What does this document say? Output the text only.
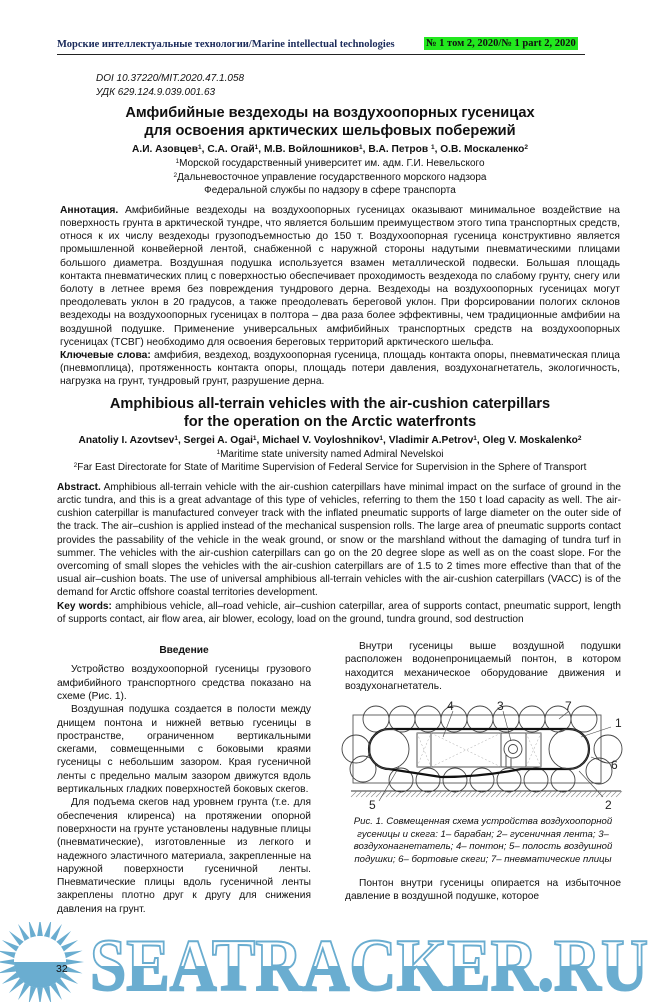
Морские интеллектуальные технологии/Marine intellectual technologies	№ 1 том 2, 2020/№ 1 part 2, 2020
DOI 10.37220/MIT.2020.47.1.058
УДК 629.124.9.039.001.63
Амфибийные вездеходы на воздухоопорных гусеницах
для освоения арктических шельфовых побережий
А.И. Азовцев$^1$, С.А. Огай$^1$, М.В. Войлошников$^1$, В.А. Петров $^1$, О.В. Москаленко$^2$
$^1$Морской государственный университет им. адм. Г.И. Невельского
$^2$Дальневосточное управление государственного морского надзора
Федеральной службы по надзору в сфере транспорта
Аннотация. Амфибийные вездеходы на воздухоопорных гусеницах оказывают минимальное воздействие на поверхность грунта в арктической тундре, что является большим преимуществом этого типа транспортных средств, относя к их числу вездеходы грузоподъемностью до 150 т. Воздухоопорная гусеница конструктивно является промышленной конвейерной лентой, снабженной с наружной стороны надутыми пневматическими плицами большого диаметра. Воздушная подушка используется взамен металлической подвески. Большая площадь контакта пневматических плиц с поверхностью обеспечивает проходимость вездехода по слабому грунту, снегу или болоту в летнее время без повреждения тундрового дерна. Вездеходы на воздухоопорных гусеницах могут преодолевать уклон в 20 градусов, а также преодолевать береговой уклон. При форсировании пологих склонов вездеходы на воздухоопорных гусеницах в полтора – два раза более эффективны, чем традиционные амфибии на воздушной подушке. Применение универсальных амфибийных транспортных средств на воздухоопорных гусеницах (ТСВГ) необходимо для освоения береговых территорий арктического шельфа.
Ключевые слова: амфибия, вездеход, воздухоопорная гусеница, площадь контакта опоры, пневматическая плица (пневмоплица), протяженность контакта опоры, площадь потери давления, воздухонагнетатель, экологичность, нагрузка на грунт, тундровый грунт, разрушение дерна.
Amphibious all-terrain vehicles with the air-cushion caterpillars
for the operation on the Arctic waterfronts
Anatoliy I. Azovtsev$^1$, Sergei A. Ogai$^1$, Michael V. Voyloshnikov$^1$, Vladimir A.Petrov$^1$, Oleg V. Moskalenko$^2$
$^1$Maritime state university named Admiral Nevelskoi
$^2$Far East Directorate for State of Maritime Supervision of Federal Service for Supervision in the Sphere of Transport
Abstract. Amphibious all-terrain vehicle with the air-cushion caterpillars have minimal impact on the surface of ground in the arctic tundra, and this is a great advantage of this type of vehicles, referring to them the 150 t load capacity as well. The air-cushion caterpillar is manufactured conveyer track with the inflated pneumatic supports of large diameter on the outer side of the track. The air–cushion is applied instead of the mechanical suspension rolls. The large area of pneumatic supports contact provides the passability of the vehicle in the weak ground, or snow or the marshland without the damaging of tundra turf in summer. The vehicles with the air-cushion caterpillars can go on the 20 degree slope as well as on the coast slope. For the overcoming of small slopes the vehicles with the air-cushion caterpillars are of 1.5 to 2 times more effective than that of the usual air–cushion boats. The use of universal amphibious all-terrain vehicles with the air-cushion caterpillars (VACC) is of the demand for Arctic offshore coastal territories development.
Key words: amphibious vehicle, all–road vehicle, air–cushion caterpillar, area of supports contact, pneumatic support, length of supports contact, air flow area, air blower, ecology, load on the ground, tundra ground, sod destruction
Введение

Устройство воздухоопорной гусеницы грузового амфибийного транспортного средства показано на схеме (Рис. 1).

Воздушная подушка создается в полости между днищем понтона и нижней ветвью гусеницы в пространстве, ограниченном вертикальными скегами, совмещенными с боковыми краями гусеницы с небольшим зазором. Края гусеничной ленты с предельно малым зазором движутся вдоль вертикальных гладких поверхностей боковых скегов.

Для подъема скегов над уровнем грунта (т.е. для обеспечения клиренса) на протяжении опорной поверхности на грунте установлены надувные плицы (пневматические), изготовленные из легкого и надежного эластичного материала, закрепленные на наружной поверхности гусеничной ленты. Пневматические плицы вдоль гусеничной ленты закреплены плотно друг к другу для снижения давления на грунт.

Внутри гусеницы выше воздушной подушки расположен водонепроницаемый понтон, в котором находится механическое оборудование движения и воздухонагнетатель.

4	3	7
1
6
2
5
Рис. 1. Совмещенная схема устройства воздухоопорной гусеницы и скега: 1– барабан; 2– гусеничная лента; 3– воздухонагнетатель; 4– понтон; 5– полость воздушной подушки; 6– бортовые скеги; 7– пневматические плицы

Понтон внутри гусеницы опирается на избыточное давление в воздушной подушке, которое

SEATRACKER.RU
32
